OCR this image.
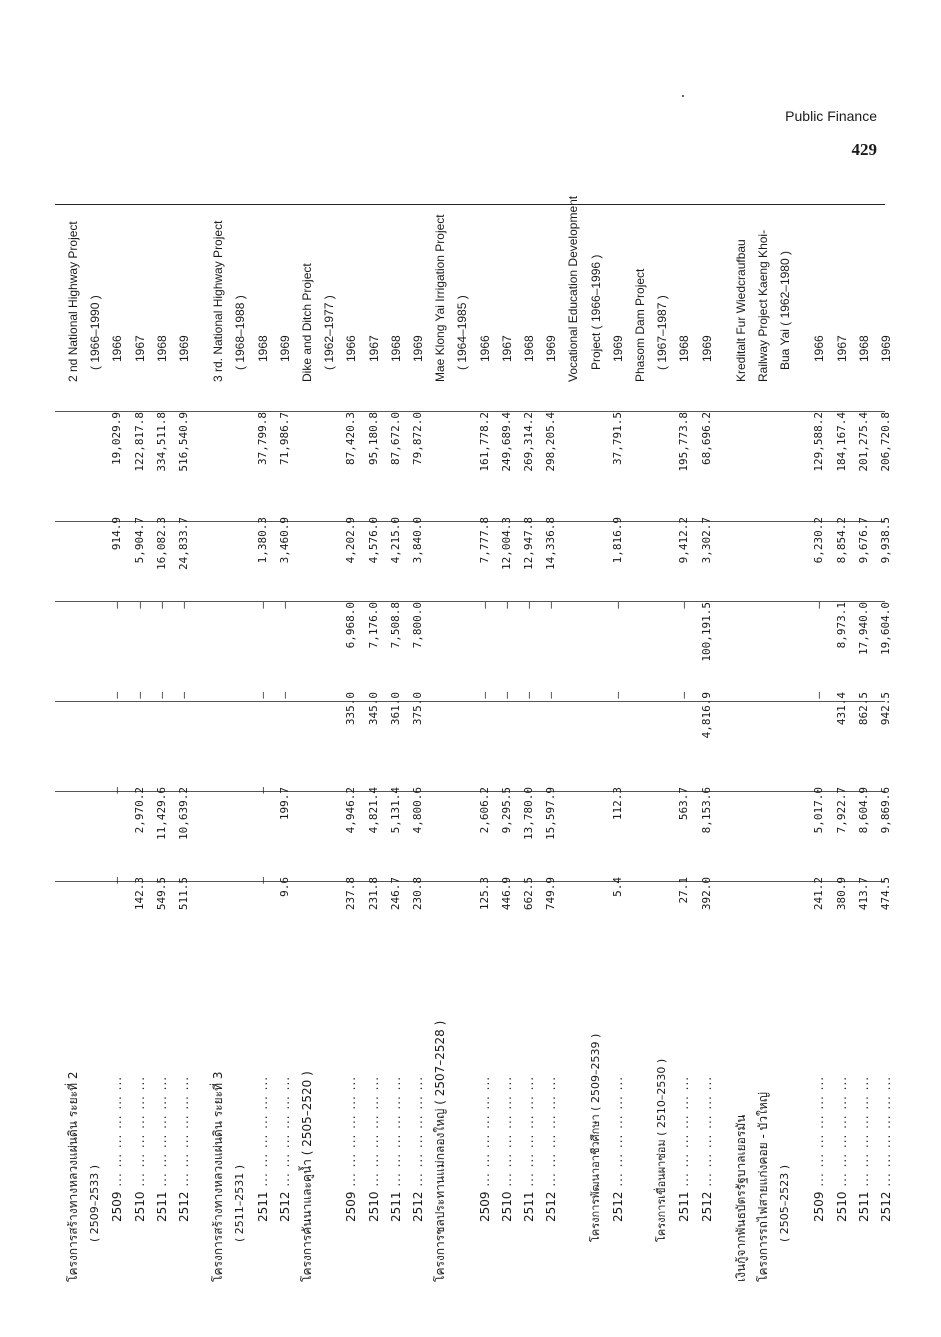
Public Finance
429
โครงการสร้างทางหลวงแผ่นดิน ระยะที่ 2
2 nd National Highway Project
( 2509–2533 )
( 1966–1990 )
2509 ... ... ... ... ... ...
—
—
—
—
914.9
19,029.9
1966
2510 ... ... ... ... ... ...
142.3
2,970.2
—
—
5,904.7
122,817.8
1967
2511 ... ... ... ... ... ...
549.5
11,429.6
—
—
16,082.3
334,511.8
1968
2512 ... ... ... ... ... ...
511.5
10,639.2
—
—
24,833.7
516,540.9
1969
โครงการสร้างทางหลวงแผ่นดิน ระยะที่ 3
3 rd. National Highway Project
( 2511–2531 )
( 1968–1988 )
2511 ... ... ... ... ... ...
—
—
—
—
1,380.3
37,799.8
1968
2512 ... ... ... ... ... ...
9.6
199.7
—
—
3,460.9
71,986.7
1969
โครงการคันนาและคูน้ำ ( 2505–2520 )
Dike and Ditch Project ( 1962–1977 )
2509 ... ... ... ... ... ...
237.8
4,946.2
335.0
6,968.0
4,202.9
87,420.3
1966
2510 ... ... ... ... ... ...
231.8
4,821.4
345.0
7,176.0
4,576.0
95,180.8
1967
2511 ... ... ... ... ... ...
246.7
5,131.4
361.0
7,508.8
4,215.0
87,672.0
1968
2512 ... ... ... ... ... ...
230.8
4,800.6
375.0
7,800.0
3,840.0
79,872.0
1969
โครงการชลประทานแม่กลองใหญ่ ( 2507–2528 )
Mae Klong Yai Irrigation Project ( 1964–1985 )
2509 ... ... ... ... ... ...
125.3
2,606.2
—
—
7,777.8
161,778.2
1966
2510 ... ... ... ... ... ...
446.9
9,295.5
—
—
12,004.3
249,689.4
1967
2511 ... ... ... ... ... ...
662.5
13,780.0
—
—
12,947.8
269,314.2
1968
2512 ... ... ... ... ... ...
749.9
15,597.9
—
—
14,336.8
298,205.4
1969 Vocational Education Development
โครงการพัฒนาอาชีวศึกษา ( 2509–2539 )
Project ( 1966–1996 )
2512 ... ... ... ... ... ...
5.4
112.3
—
—
1,816.9
37,791.5
1969 Phasom Dam Project
โครงการเขื่อนผาซ่อม ( 2510–2530 )
( 1967–1987 )
2511 ... ... ... ... ... ...
27.1
563.7
—
—
9,412.2
195,773.8
1968
2512 ... ... ... ... ... ...
392.0
8,153.6
4,816.9
100,191.5
3,302.7
68,696.2
1969
เงินกู้จากพันธบัตรรัฐบาลเยอรมัน
Kreditalt Fur Wiedcraufbau
โครงการรถไฟสายแก่งคอย - บัวใหญ่
Railway Project Kaeng Khoi-
( 2505–2523 )
Bua Yai ( 1962–1980 )
2509 ... ... ... ... ... ...
241.2
5,017.0
—
—
6,230.2
129,588.2
1966
2510 ... ... ... ... ... ...
380.9
7,922.7
431.4
8,973.1
8,854.2
184,167.4
1967
2511 ... ... ... ... ... ...
413.7
8,604.9
862.5
17,940.0
9,676.7
201,275.4
1968
2512 ... ... ... ... ... ...
474.5
9,869.6
942.5
19,604.0
9,938.5
206,720.8
1969
